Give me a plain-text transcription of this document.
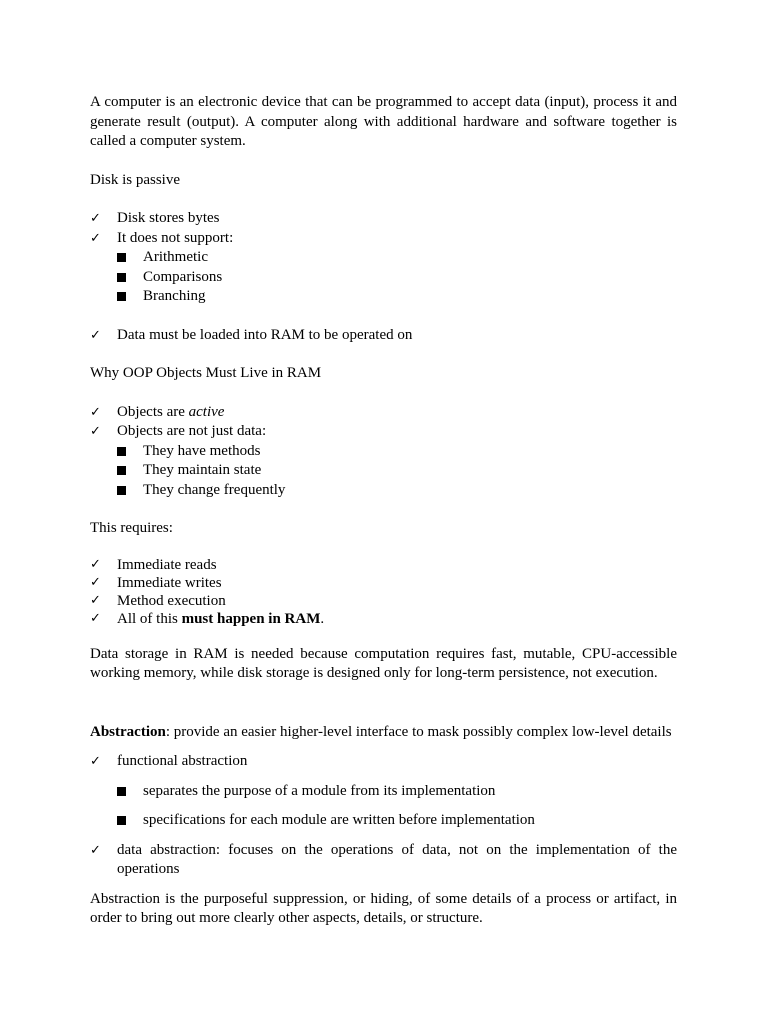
A computer is an electronic device that can be programmed to accept data (input), process it and generate result (output). A computer along with additional hardware and software together is called a computer system.

Disk is passive

✓ Disk stores bytes
✓ It does not support:
Arithmetic
Comparisons
Branching
✓ Data must be loaded into RAM to be operated on

Why OOP Objects Must Live in RAM

✓ Objects are active
✓ Objects are not just data:
They have methods
They maintain state
They change frequently

This requires:

✓ Immediate reads
✓ Immediate writes
✓ Method execution
✓ All of this must happen in RAM.

Data storage in RAM is needed because computation requires fast, mutable, CPU-accessible working memory, while disk storage is designed only for long-term persistence, not execution.

Abstraction: provide an easier higher-level interface to mask possibly complex low-level details

✓ functional abstraction
separates the purpose of a module from its implementation
specifications for each module are written before implementation
✓ data abstraction: focuses on the operations of data, not on the implementation of the operations

Abstraction is the purposeful suppression, or hiding, of some details of a process or artifact, in order to bring out more clearly other aspects, details, or structure.
